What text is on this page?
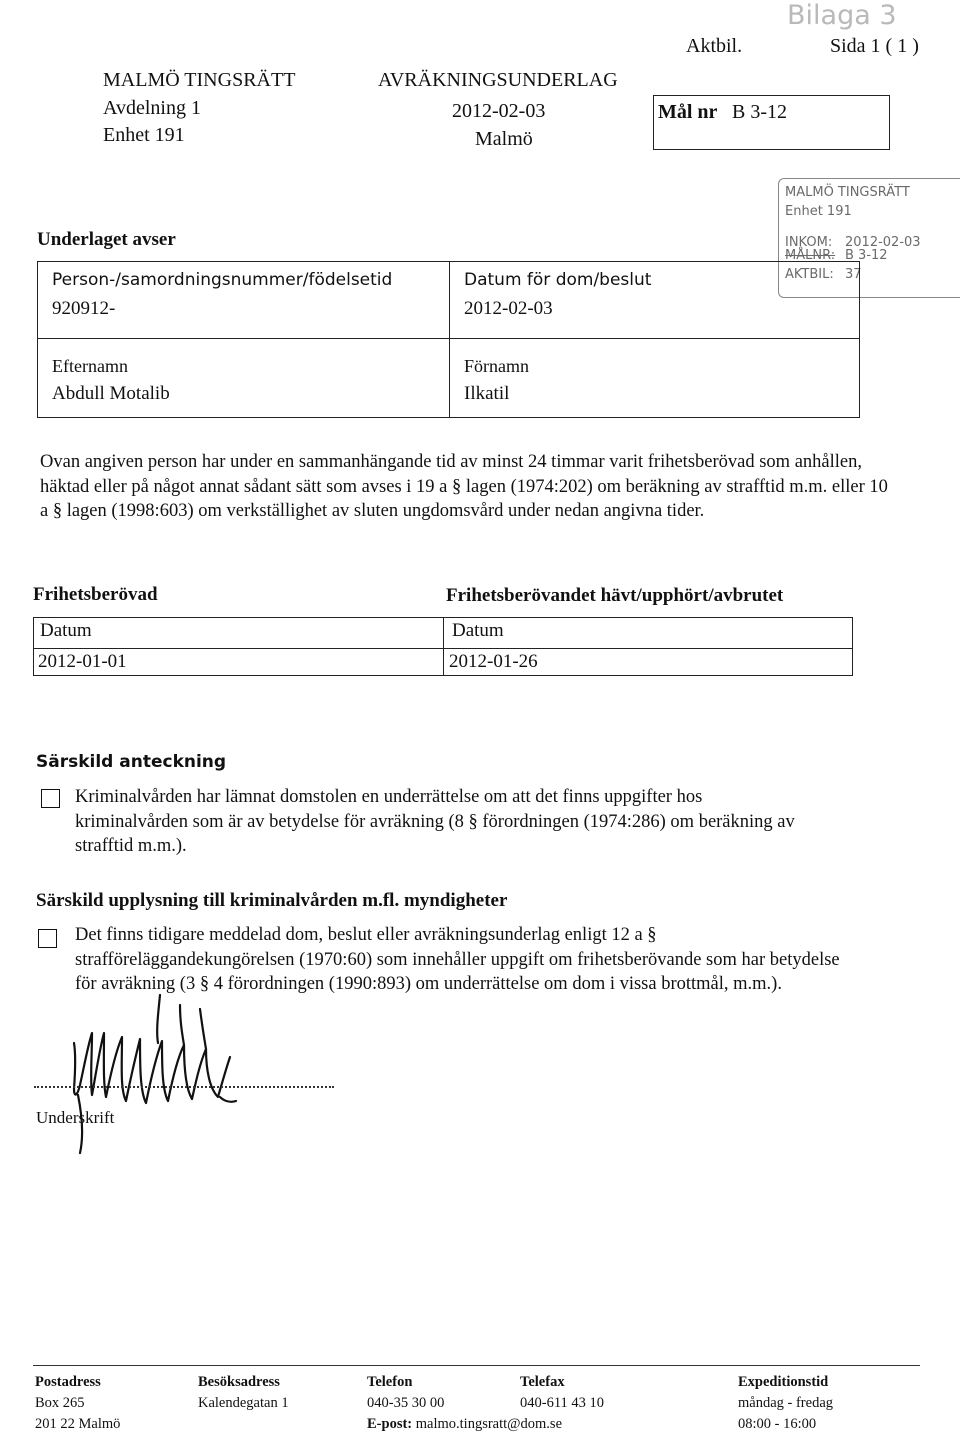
Bilaga 3
Aktbil.	Sida 1 ( 1 )
MALMÖ TINGSRÄTT
Avdelning 1
Enhet 191
AVRÄKNINGSUNDERLAG
2012-02-03
Malmö
Mål nr B 3-12
MALMÖ TINGSRÄTT
Enhet 191
INKOM: 2012-02-03
MÅLNR: B 3-12
AKTBIL: 37
Underlaget avser
Person-/samordningsnummer/födelsetid
920912-
Datum för dom/beslut
2012-02-03
Efternamn
Abdull Motalib
Förnamn
Ilkatil
Ovan angiven person har under en sammanhängande tid av minst 24 timmar varit frihetsberövad som anhållen, häktad eller på något annat sådant sätt som avses i 19 a § lagen (1974:202) om beräkning av strafftid m.m. eller 10 a § lagen (1998:603) om verkställighet av sluten ungdomsvård under nedan angivna tider.
Frihetsberövad	Frihetsberövandet hävt/upphört/avbrutet
Datum
2012-01-01
Datum
2012-01-26
Särskild anteckning
Kriminalvården har lämnat domstolen en underrättelse om att det finns uppgifter hos kriminalvården som är av betydelse för avräkning (8 § förordningen (1974:286) om beräkning av strafftid m.m.).
Särskild upplysning till kriminalvården m.fl. myndigheter
Det finns tidigare meddelad dom, beslut eller avräkningsunderlag enligt 12 a § strafföreläggandekungörelsen (1970:60) som innehåller uppgift om frihetsberövande som har betydelse för avräkning (3 § 4 förordningen (1990:893) om underrättelse om dom i vissa brottmål, m.m.).
Underskrift
Postadress
Box 265
201 22 Malmö
Besöksadress
Kalendegatan 1
Telefon
040-35 30 00
E-post: malmo.tingsratt@dom.se
Telefax
040-611 43 10
Expeditionstid
måndag - fredag
08:00 - 16:00
